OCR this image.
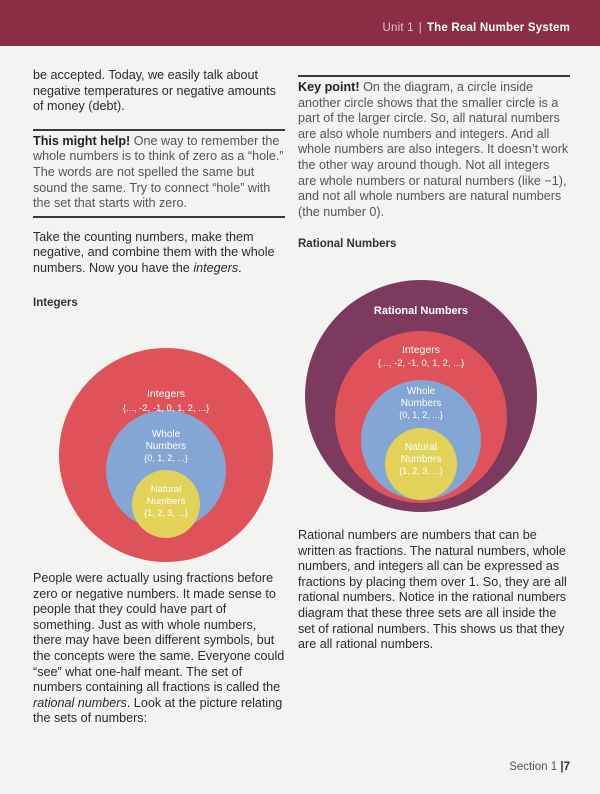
Unit 1 | The Real Number System

be accepted. Today, we easily talk about negative temperatures or negative amounts of money (debt).

This might help! One way to remember the whole numbers is to think of zero as a “hole.” The words are not spelled the same but sound the same. Try to connect “hole” with the set that starts with zero.

Take the counting numbers, make them negative, and combine them with the whole numbers. Now you have the integers.

Integers

Integers
{..., -2, -1, 0, 1, 2, ...}
Whole
Numbers
{0, 1, 2, ...}
Natural
Numbers
{1, 2, 3, ...}

People were actually using fractions before zero or negative numbers. It made sense to people that they could have part of something. Just as with whole numbers, there may have been different symbols, but the concepts were the same. Everyone could “see” what one-half meant. The set of numbers containing all fractions is called the rational numbers. Look at the picture relating the sets of numbers:

Key point! On the diagram, a circle inside another circle shows that the smaller circle is a part of the larger circle. So, all natural numbers are also whole numbers and integers. And all whole numbers are also integers. It doesn’t work the other way around though. Not all integers are whole numbers or natural numbers (like −1), and not all whole numbers are natural numbers (the number 0).

Rational Numbers

Rational Numbers
Integers
{..., -2, -1, 0, 1, 2, ...}
Whole
Numbers
{0, 1, 2, ...}
Natural
Numbers
{1, 2, 3, ...}

Rational numbers are numbers that can be written as fractions. The natural numbers, whole numbers, and integers all can be expressed as fractions by placing them over 1. So, they are all rational numbers. Notice in the rational numbers diagram that these three sets are all inside the set of rational numbers. This shows us that they are all rational numbers.

Section 1 |7
